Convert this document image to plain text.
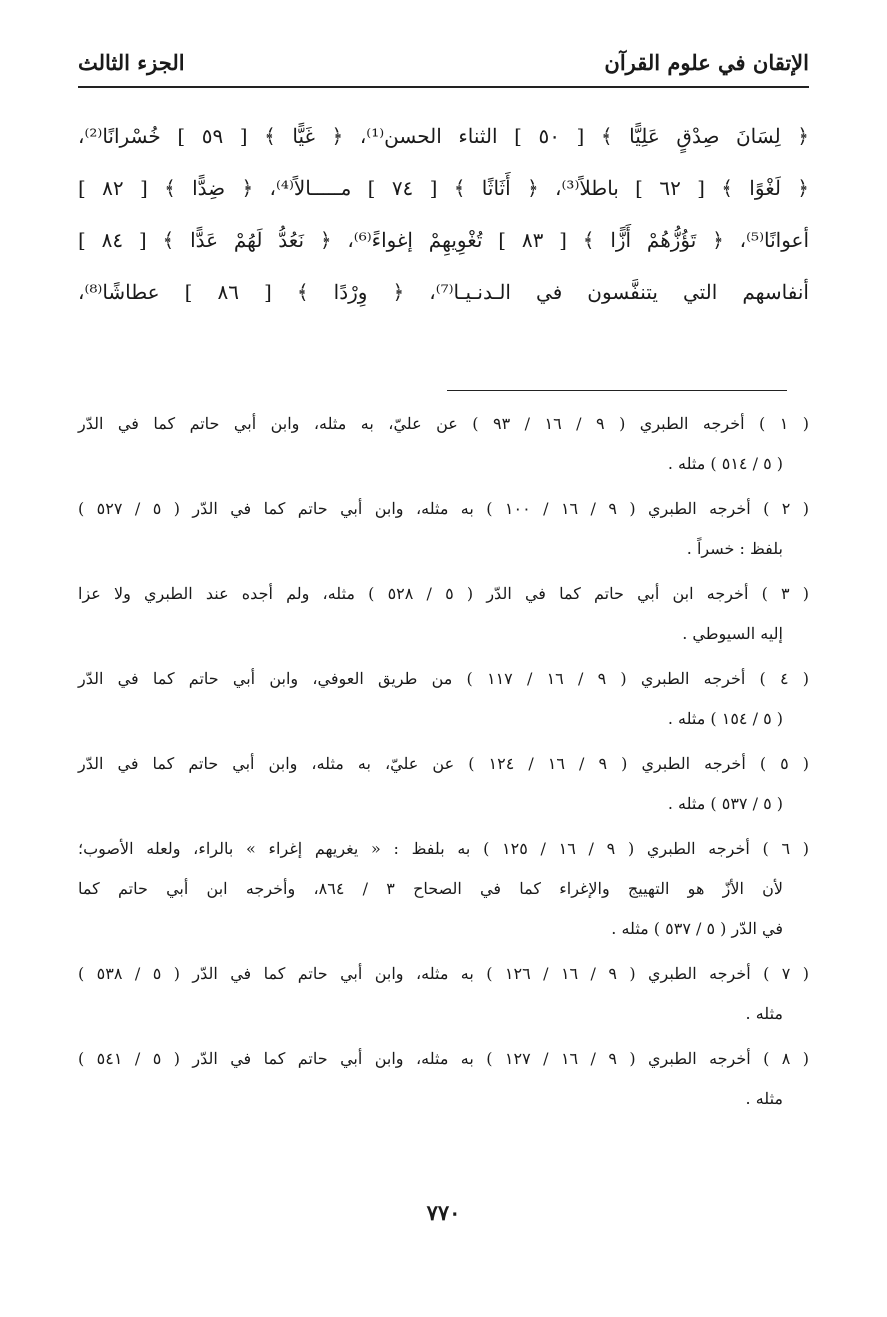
الإتقان في علوم القرآن
الجزء الثالث
﴿ لِسَانَ صِدْقٍ عَلِيًّا ﴾ [ ٥٠ ] الثناء الحسن⁽¹⁾، ﴿ غَيًّا ﴾ [ ٥٩ ] خُسْرانًا⁽²⁾،
﴿ لَغْوًا ﴾ [ ٦٢ ] باطلاً⁽³⁾، ﴿ أَثَاثًا ﴾ [ ٧٤ ] مـــــالاً⁽⁴⁾، ﴿ ضِدًّا ﴾ [ ٨٢ ]
أعوانًا⁽⁵⁾، ﴿ تَؤُزُّهُمْ أَزًّا ﴾ [ ٨٣ ] تُغْوِيهِمْ إغواءً⁽⁶⁾، ﴿ نَعُدُّ لَهُمْ عَدًّا ﴾ [ ٨٤ ]
أنفاسهم التي يتنفَّسون في الـدنـيـا⁽⁷⁾، ﴿ وِرْدًا ﴾ [ ٨٦ ] عطاشًا⁽⁸⁾،
( ١ ) أخرجه الطبري ( ٩ / ١٦ / ٩٣ ) عن عليّ، به مثله، وابن أبي حاتم كما في الدّر
( ٥ / ٥١٤ ) مثله .
( ٢ ) أخرجه الطبري ( ٩ / ١٦ / ١٠٠ ) به مثله، وابن أبي حاتم كما في الدّر ( ٥ / ٥٢٧ )
بلفظ : خسراً .
( ٣ ) أخرجه ابن أبي حاتم كما في الدّر ( ٥ / ٥٢٨ ) مثله، ولم أجده عند الطبري ولا عزا
إليه السيوطي .
( ٤ ) أخرجه الطبري ( ٩ / ١٦ / ١١٧ ) من طريق العوفي، وابن أبي حاتم كما في الدّر
( ٥ / ١٥٤ ) مثله .
( ٥ ) أخرجه الطبري ( ٩ / ١٦ / ١٢٤ ) عن عليّ، به مثله، وابن أبي حاتم كما في الدّر
( ٥ / ٥٣٧ ) مثله .
( ٦ ) أخرجه الطبري ( ٩ / ١٦ / ١٢٥ ) به بلفظ : « يغريهم إغراء » بالراء، ولعله الأصوب؛
لأن الأزّ هو التهييج والإغراء كما في الصحاح ٣ / ٨٦٤، وأخرجه ابن أبي حاتم كما
في الدّر ( ٥ / ٥٣٧ ) مثله .
( ٧ ) أخرجه الطبري ( ٩ / ١٦ / ١٢٦ ) به مثله، وابن أبي حاتم كما في الدّر ( ٥ / ٥٣٨ )
مثله .
( ٨ ) أخرجه الطبري ( ٩ / ١٦ / ١٢٧ ) به مثله، وابن أبي حاتم كما في الدّر ( ٥ / ٥٤١ )
مثله .
٧٧٠
